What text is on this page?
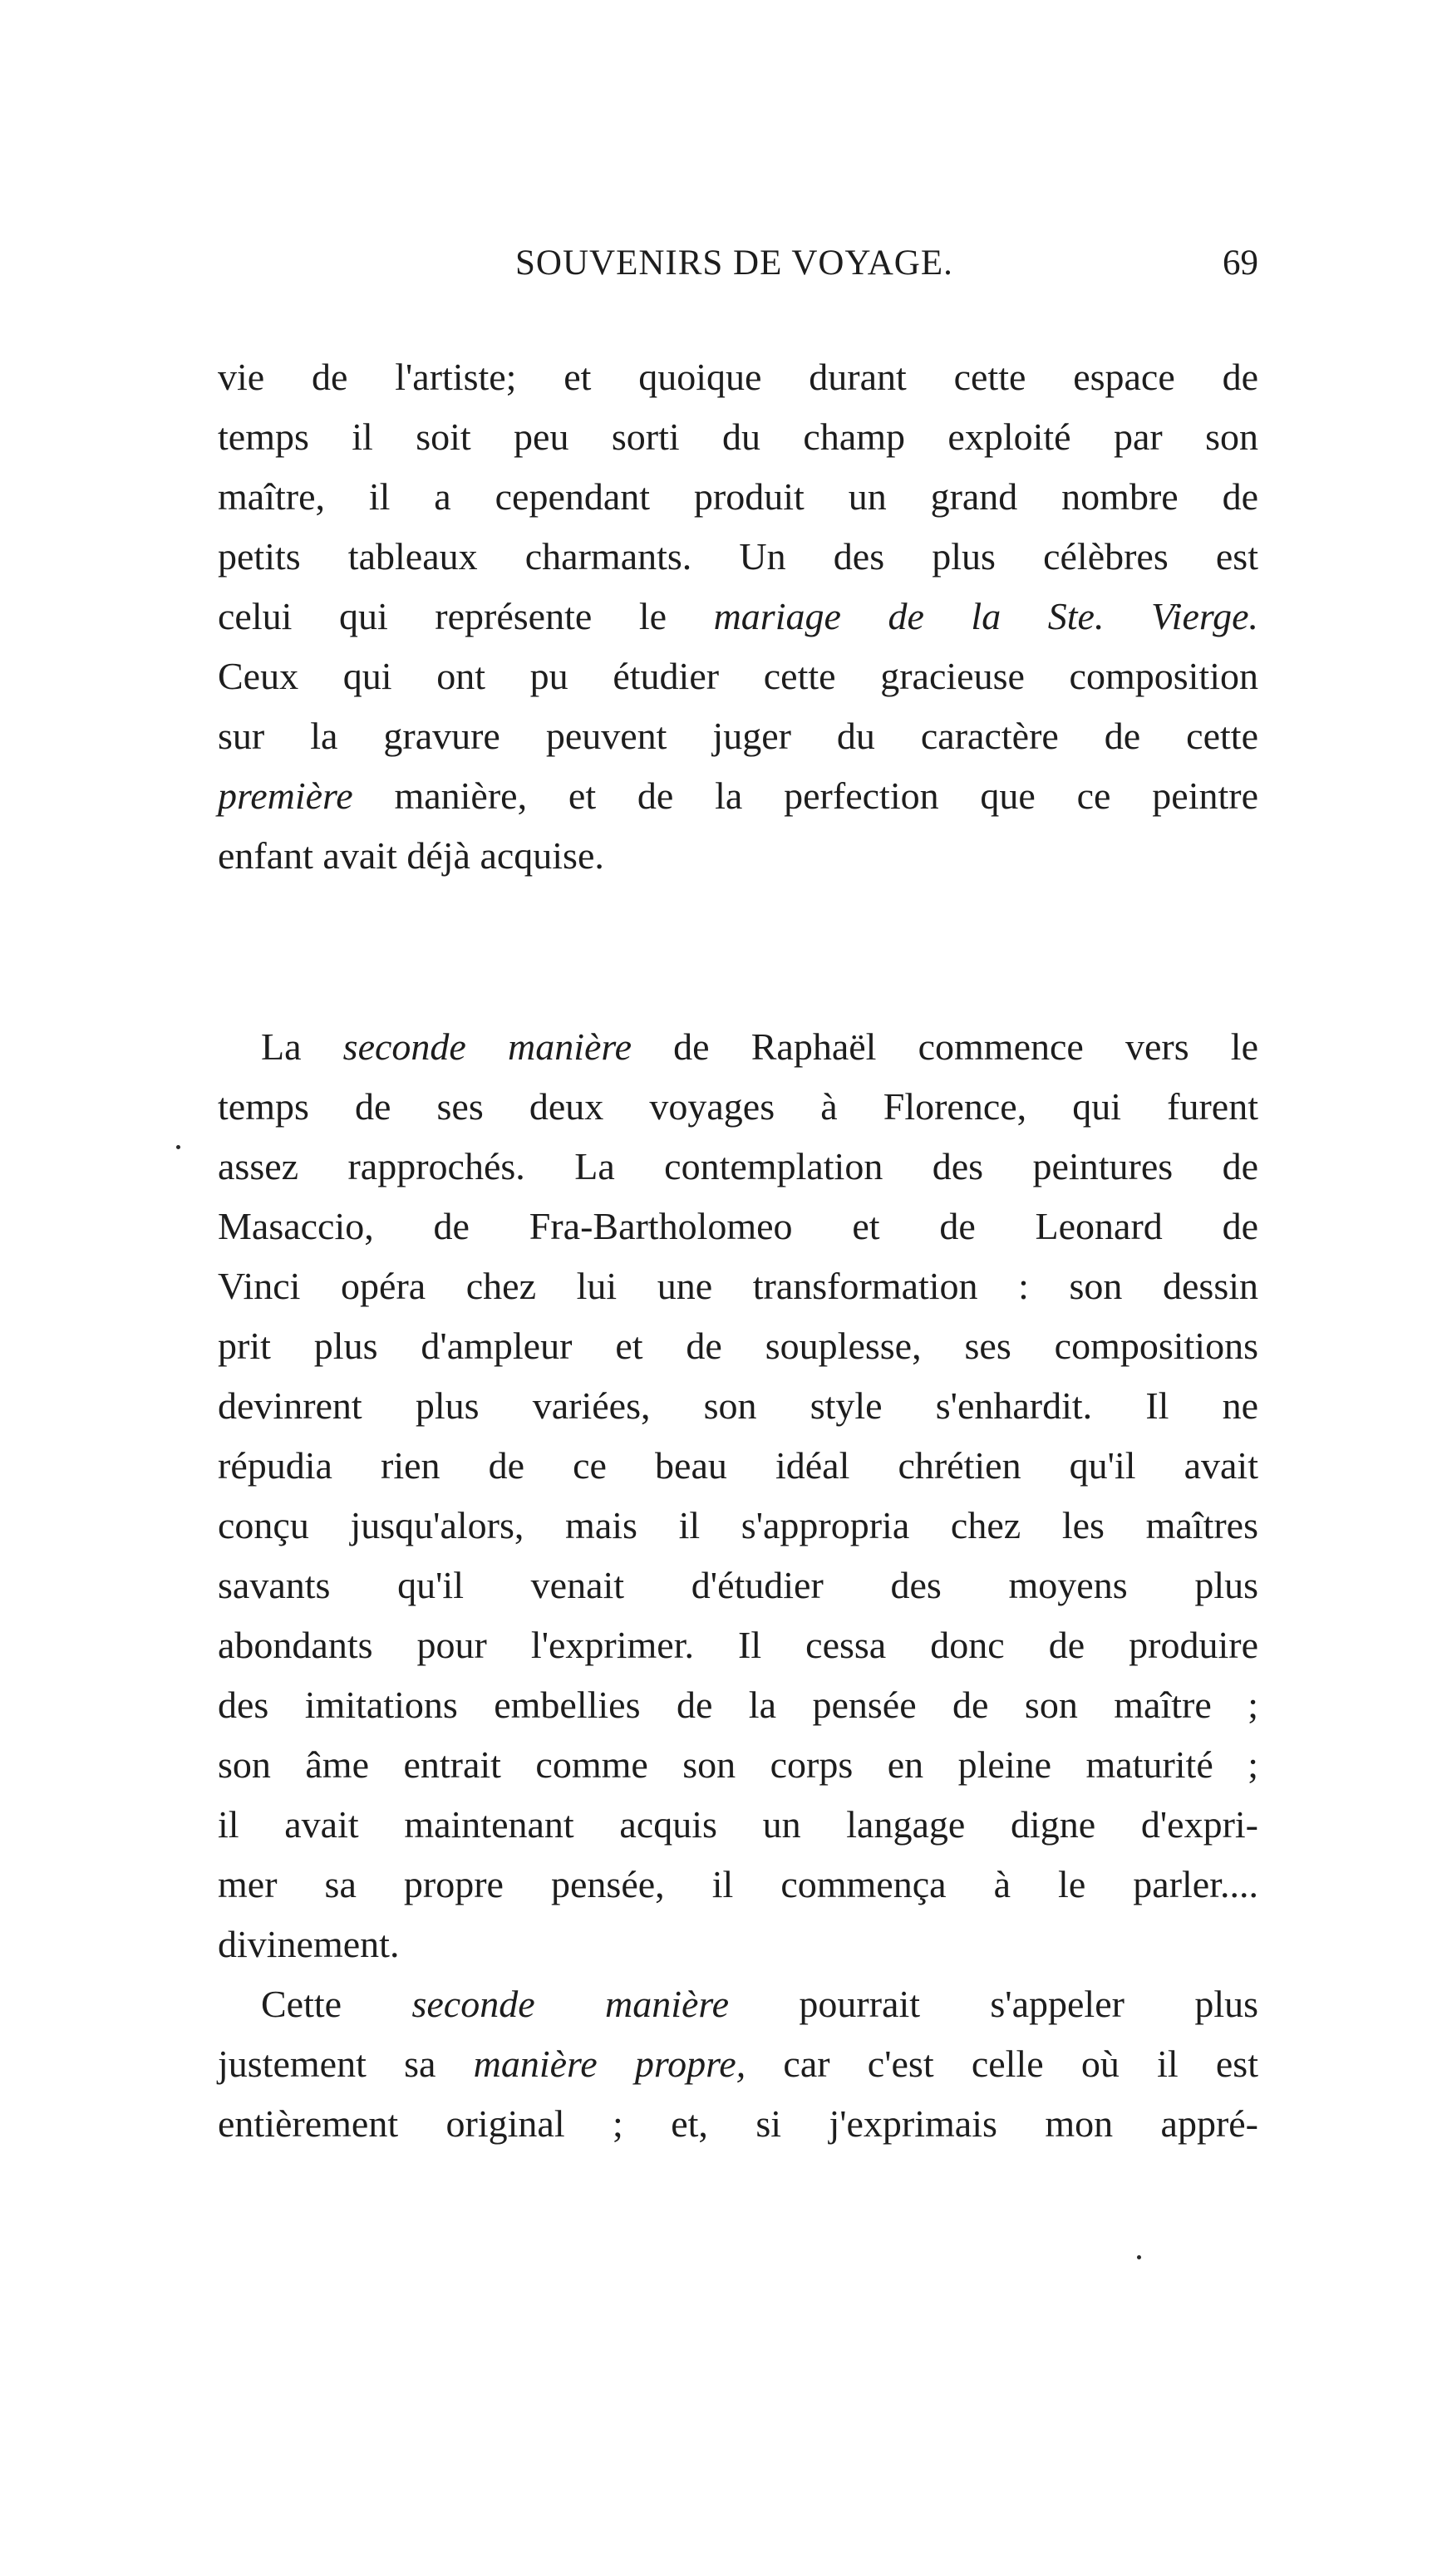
SOUVENIRS DE VOYAGE.	69
vie de l'artiste; et quoique durant cette espace de
temps il soit peu sorti du champ exploité par son
maître, il a cependant produit un grand nombre de
petits tableaux charmants. Un des plus célèbres est
celui qui représente le mariage de la Ste. Vierge.
Ceux qui ont pu étudier cette gracieuse composition
sur la gravure peuvent juger du caractère de cette
première manière, et de la perfection que ce peintre
enfant avait déjà acquise.
La seconde manière de Raphaël commence vers le
temps de ses deux voyages à Florence, qui furent
assez rapprochés. La contemplation des peintures de
Masaccio, de Fra-Bartholomeo et de Leonard de
Vinci opéra chez lui une transformation : son dessin
prit plus d'ampleur et de souplesse, ses compositions
devinrent plus variées, son style s'enhardit. Il ne
répudia rien de ce beau idéal chrétien qu'il avait
conçu jusqu'alors, mais il s'appropria chez les maîtres
savants qu'il venait d'étudier des moyens plus
abondants pour l'exprimer. Il cessa donc de produire
des imitations embellies de la pensée de son maître ;
son âme entrait comme son corps en pleine maturité ;
il avait maintenant acquis un langage digne d'expri-
mer sa propre pensée, il commença à le parler....
divinement.
Cette seconde manière pourrait s'appeler plus
justement sa manière propre, car c'est celle où il est
entièrement original ; et, si j'exprimais mon appré-
